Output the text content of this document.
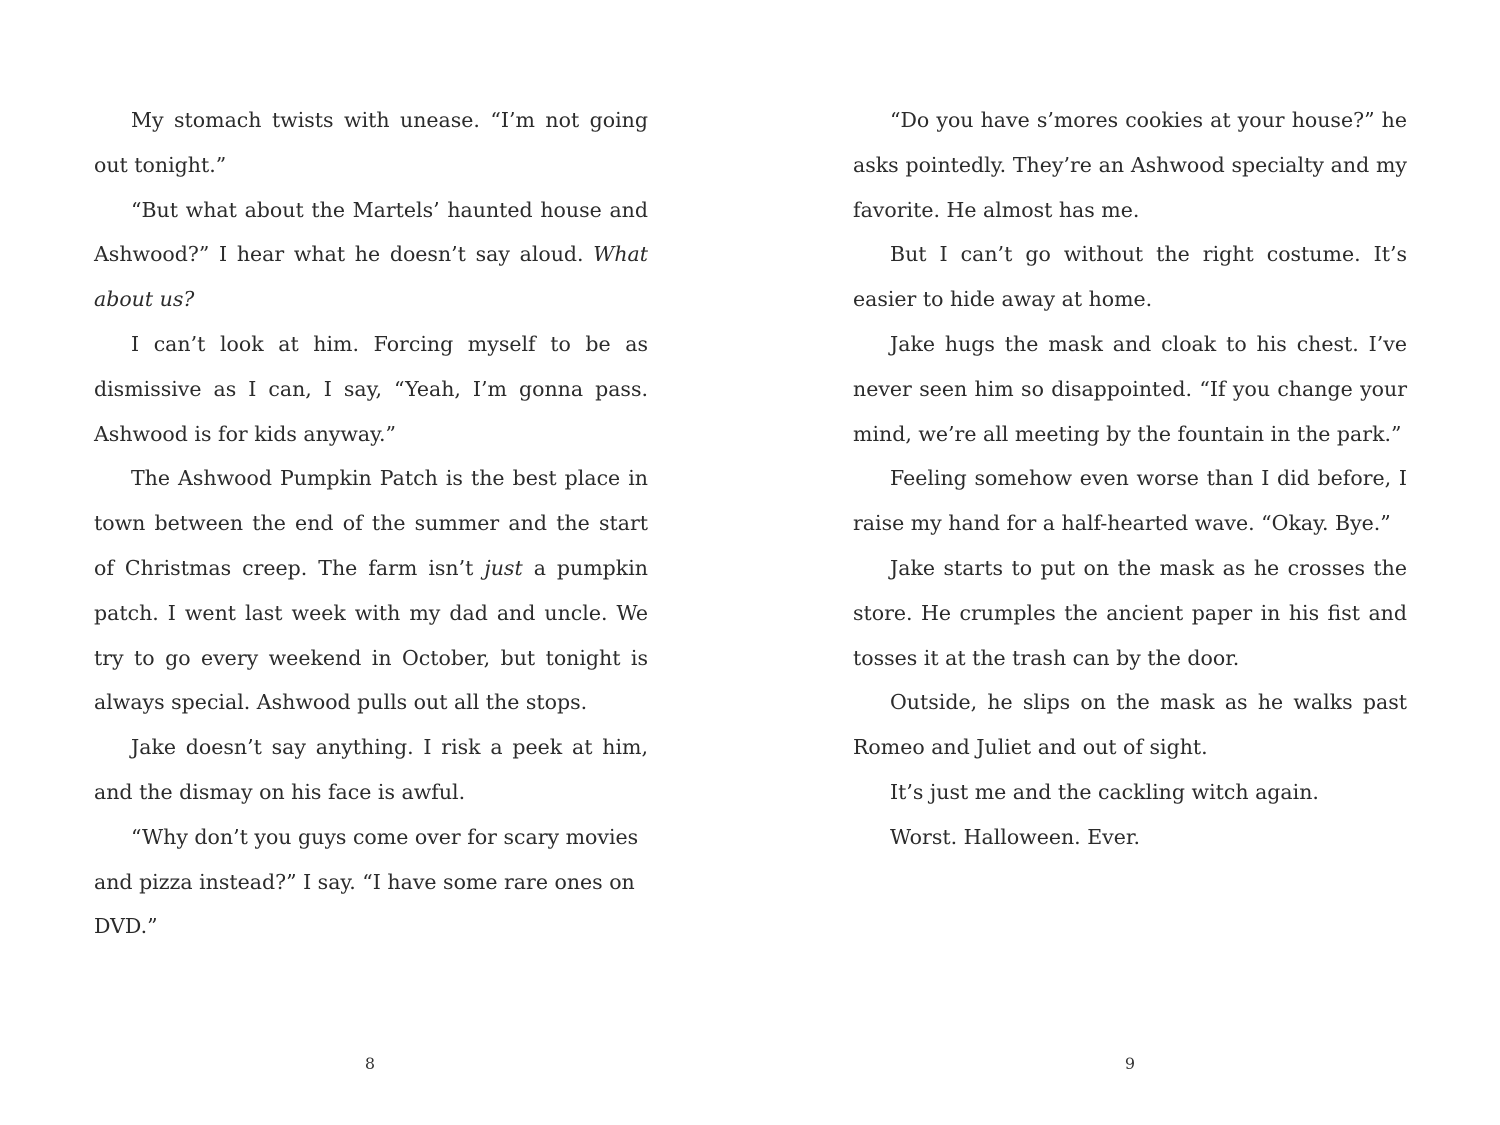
My stomach twists with unease. “I’m not going out tonight.”

“But what about the Martels’ haunted house and Ashwood?” I hear what he doesn’t say aloud. What about us?

I can’t look at him. Forcing myself to be as dismissive as I can, I say, “Yeah, I’m gonna pass. Ashwood is for kids anyway.”

The Ashwood Pumpkin Patch is the best place in town between the end of the summer and the start of Christmas creep. The farm isn’t just a pumpkin patch. I went last week with my dad and uncle. We try to go every weekend in October, but tonight is always special. Ashwood pulls out all the stops.

Jake doesn’t say anything. I risk a peek at him, and the dismay on his face is awful.

“Why don’t you guys come over for scary movies and pizza instead?” I say. “I have some rare ones on DVD.”

“Do you have s’mores cookies at your house?” he asks pointedly. They’re an Ashwood specialty and my favorite. He almost has me.

But I can’t go without the right costume. It’s easier to hide away at home.

Jake hugs the mask and cloak to his chest. I’ve never seen him so disappointed. “If you change your mind, we’re all meeting by the fountain in the park.”

Feeling somehow even worse than I did before, I raise my hand for a half-hearted wave. “Okay. Bye.”

Jake starts to put on the mask as he crosses the store. He crumples the ancient paper in his fist and tosses it at the trash can by the door.

Outside, he slips on the mask as he walks past Romeo and Juliet and out of sight.

It’s just me and the cackling witch again.

Worst. Halloween. Ever.

8	9
